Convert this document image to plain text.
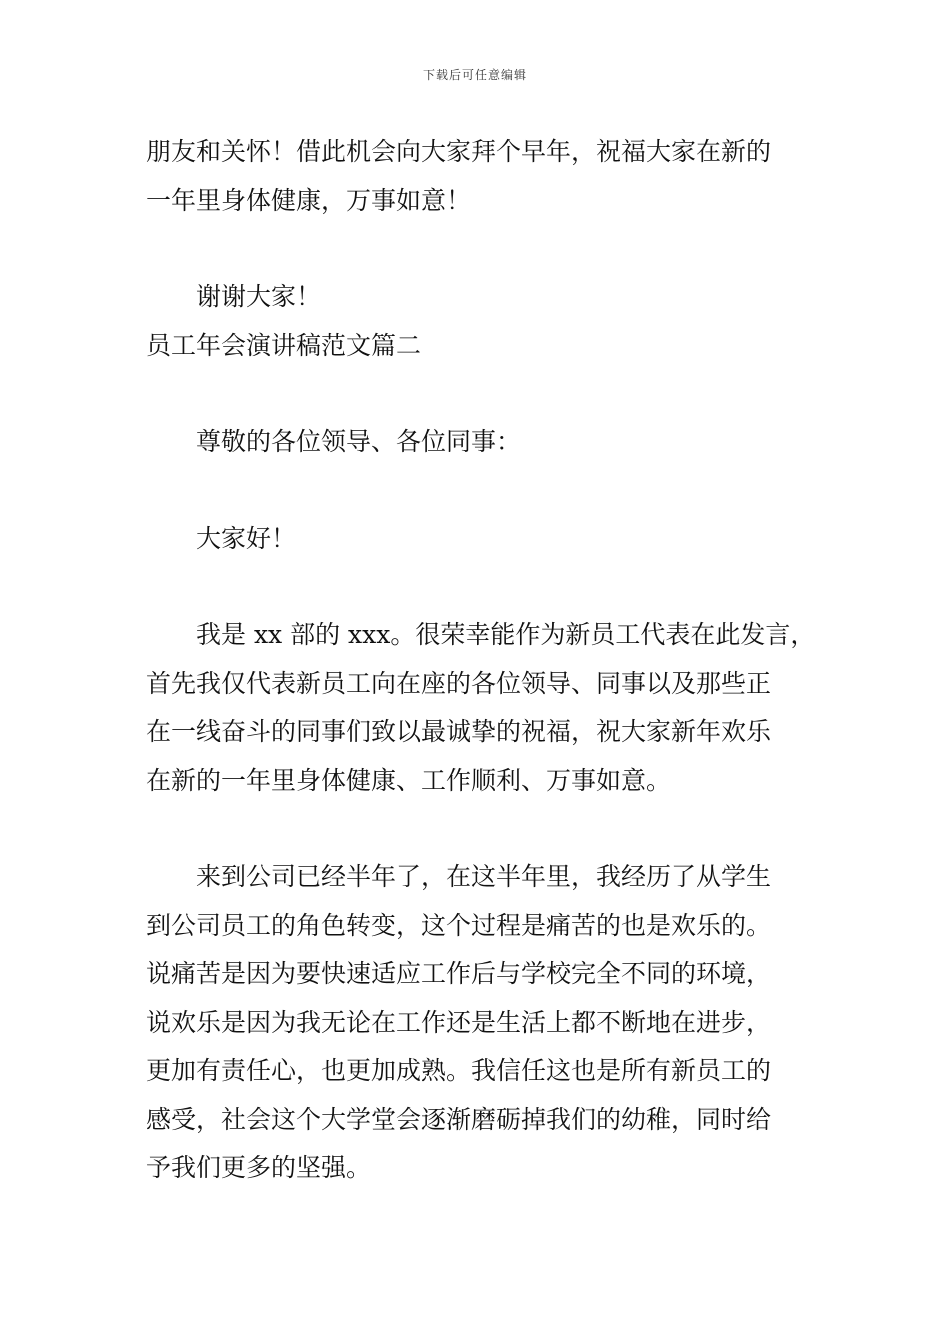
下载后可任意编辑

朋友和关怀！借此机会向大家拜个早年，祝福大家在新的

一年里身体健康，万事如意！

谢谢大家！

员工年会演讲稿范文篇二

尊敬的各位领导、各位同事：

大家好！

我是 xx 部的 xxx。很荣幸能作为新员工代表在此发言，

首先我仅代表新员工向在座的各位领导、同事以及那些正

在一线奋斗的同事们致以最诚挚的祝福，祝大家新年欢乐

在新的一年里身体健康、工作顺利、万事如意。

来到公司已经半年了，在这半年里，我经历了从学生

到公司员工的角色转变，这个过程是痛苦的也是欢乐的。

说痛苦是因为要快速适应工作后与学校完全不同的环境，

说欢乐是因为我无论在工作还是生活上都不断地在进步，

更加有责任心，也更加成熟。我信任这也是所有新员工的

感受，社会这个大学堂会逐渐磨砺掉我们的幼稚，同时给

予我们更多的坚强。
